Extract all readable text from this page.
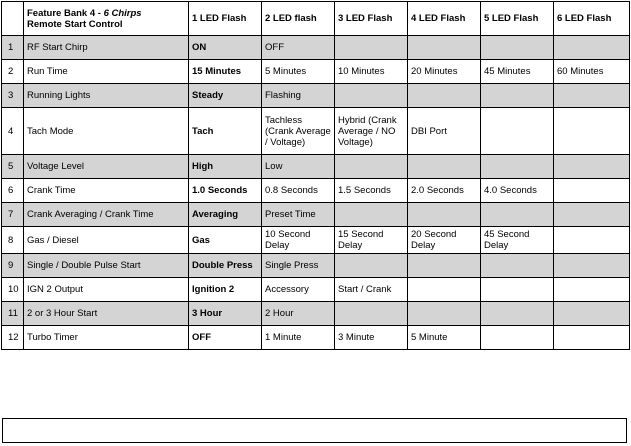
	Feature Bank 4 - 6 Chirps
Remote Start Control	1 LED Flash	2 LED flash	3 LED Flash	4 LED Flash	5 LED Flash	6 LED Flash
1	RF Start Chirp	ON	OFF				
2	Run Time	15 Minutes	5 Minutes	10 Minutes	20 Minutes	45 Minutes	60 Minutes
3	Running Lights	Steady	Flashing				
4	Tach Mode	Tach	Tachless (Crank Average / Voltage)	Hybrid (Crank Average / NO Voltage)	DBI Port		
5	Voltage Level	High	Low				
6	Crank Time	1.0 Seconds	0.8 Seconds	1.5 Seconds	2.0 Seconds	4.0 Seconds	
7	Crank Averaging / Crank Time	Averaging	Preset Time				
8	Gas / Diesel	Gas	10 Second Delay	15 Second Delay	20 Second Delay	45 Second Delay	
9	Single / Double Pulse Start	Double Press	Single Press				
10	IGN 2 Output	Ignition 2	Accessory	Start / Crank			
11	2 or 3 Hour Start	3 Hour	2 Hour				
12	Turbo Timer	OFF	1 Minute	3 Minute	5 Minute		
